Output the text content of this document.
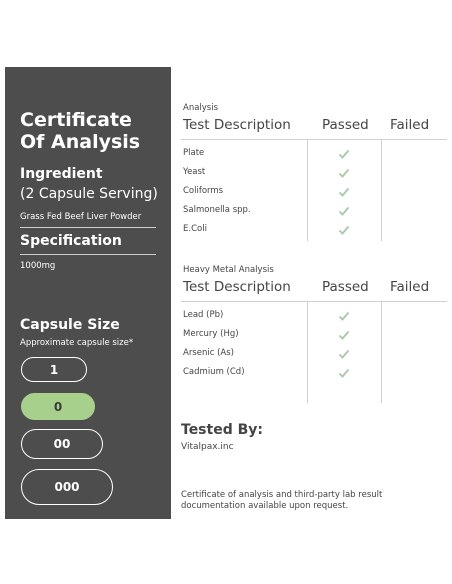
Certificate
Of Analysis
Ingredient
(2 Capsule Serving)
Grass Fed Beef Liver Powder
Specification
1000mg
Capsule Size
Approximate capsule size*
1
0
00
000
Analysis
Test Description Passed Failed
Plate
Yeast
Coliforms
Salmonella spp.
E.Coli
Heavy Metal Analysis
Test Description Passed Failed
Lead (Pb)
Mercury (Hg)
Arsenic (As)
Cadmium (Cd)
Tested By:
Vitalpax.inc
Certificate of analysis and third-party lab result documentation available upon request.
